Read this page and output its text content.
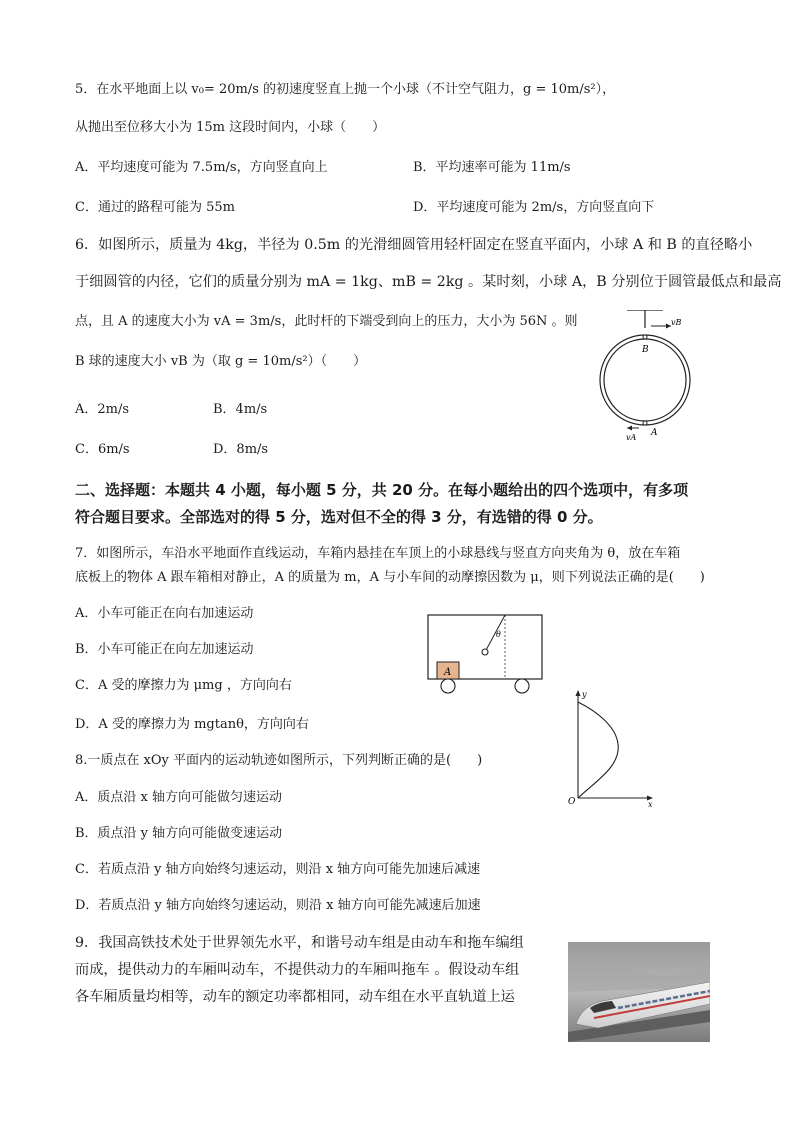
5．在水平地面上以 v₀= 20m/s 的初速度竖直上抛一个小球（不计空气阻力，g = 10m/s²），
从抛出至位移大小为 15m 这段时间内，小球（　　）
A．平均速度可能为 7.5m/s，方向竖直向上	B．平均速率可能为 11m/s
C．通过的路程可能为 55m	D．平均速度可能为 2m/s，方向竖直向下
6．如图所示，质量为 4kg，半径为 0.5m 的光滑细圆管用轻杆固定在竖直平面内，小球 A 和 B 的直径略小
于细圆管的内径，它们的质量分别为 mA = 1kg、mB = 2kg 。某时刻，小球 A，B 分别位于圆管最低点和最高
点，且 A 的速度大小为 vA = 3m/s，此时杆的下端受到向上的压力，大小为 56N 。则
B 球的速度大小 vB 为（取 g = 10m/s²）（　　）
A．2m/s	B．4m/s
C．6m/s	D．8m/s
vB
B
vA A
二、选择题：本题共 4 小题，每小题 5 分，共 20 分。在每小题给出的四个选项中，有多项
符合题目要求。全部选对的得 5 分，选对但不全的得 3 分，有选错的得 0 分。
7．如图所示，车沿水平地面作直线运动，车箱内悬挂在车顶上的小球悬线与竖直方向夹角为 θ，放在车箱
底板上的物体 A 跟车箱相对静止，A 的质量为 m，A 与小车间的动摩擦因数为 μ，则下列说法正确的是(　　)
A．小车可能正在向右加速运动
B．小车可能正在向左加速运动
C．A 受的摩擦力为 μmg ，方向向右
D．A 受的摩擦力为 mgtanθ，方向向右
θ
A
8.一质点在 xOy 平面内的运动轨迹如图所示，下列判断正确的是(　　)
A．质点沿 x 轴方向可能做匀速运动
B．质点沿 y 轴方向可能做变速运动
C．若质点沿 y 轴方向始终匀速运动，则沿 x 轴方向可能先加速后减速
D．若质点沿 y 轴方向始终匀速运动，则沿 x 轴方向可能先减速后加速
y
O	x
9．我国高铁技术处于世界领先水平，和谐号动车组是由动车和拖车编组
而成，提供动力的车厢叫动车，不提供动力的车厢叫拖车 。假设动车组
各车厢质量均相等，动车的额定功率都相同，动车组在水平直轨道上运
